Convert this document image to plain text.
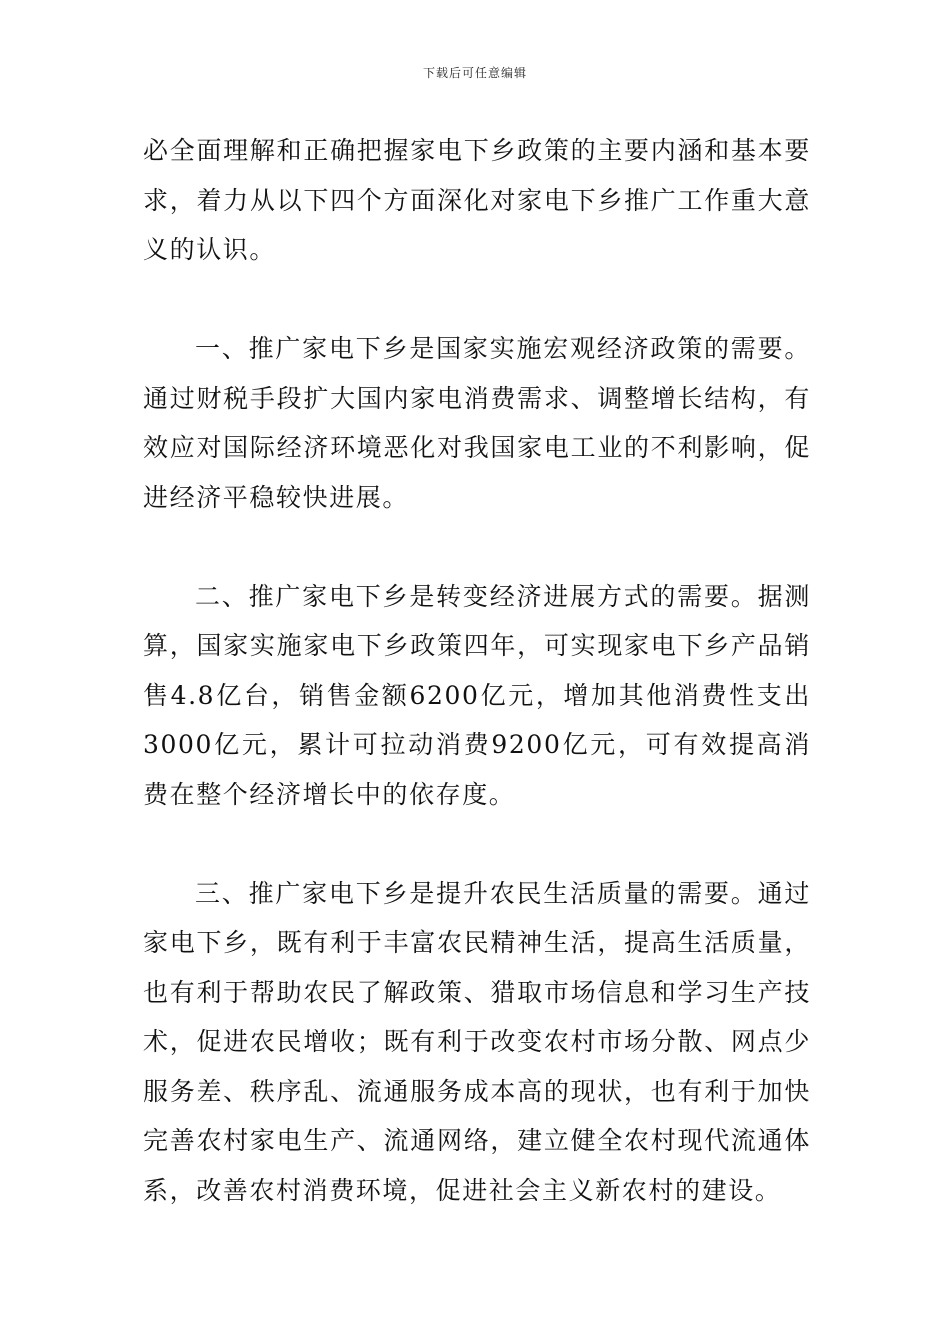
下载后可任意编辑

必全面理解和正确把握家电下乡政策的主要内涵和基本要求，着力从以下四个方面深化对家电下乡推广工作重大意义的认识。

一、推广家电下乡是国家实施宏观经济政策的需要。通过财税手段扩大国内家电消费需求、调整增长结构，有效应对国际经济环境恶化对我国家电工业的不利影响，促进经济平稳较快进展。

二、推广家电下乡是转变经济进展方式的需要。据测算，国家实施家电下乡政策四年，可实现家电下乡产品销售4.8亿台，销售金额6200亿元，增加其他消费性支出3000亿元，累计可拉动消费9200亿元，可有效提高消费在整个经济增长中的依存度。

三、推广家电下乡是提升农民生活质量的需要。通过家电下乡，既有利于丰富农民精神生活，提高生活质量，也有利于帮助农民了解政策、猎取市场信息和学习生产技术，促进农民增收；既有利于改变农村市场分散、网点少服务差、秩序乱、流通服务成本高的现状，也有利于加快完善农村家电生产、流通网络，建立健全农村现代流通体系，改善农村消费环境，促进社会主义新农村的建设。
